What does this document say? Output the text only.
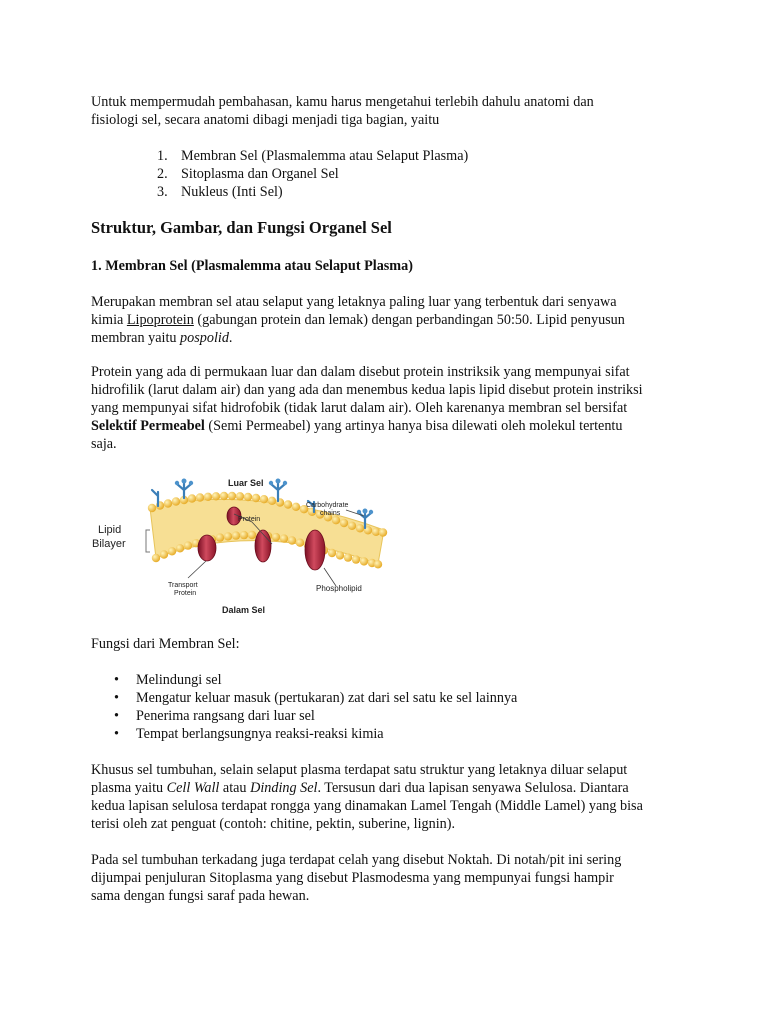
Untuk mempermudah pembahasan, kamu harus mengetahui terlebih dahulu anatomi dan

fisiologi sel, secara anatomi dibagi menjadi tiga bagian, yaitu

1. Membran Sel (Plasmalemma atau Selaput Plasma)
2. Sitoplasma dan Organel Sel
3. Nukleus (Inti Sel)
Struktur, Gambar, dan Fungsi Organel Sel
1. Membran Sel (Plasmalemma atau Selaput Plasma)

Merupakan membran sel atau selaput yang letaknya paling luar yang terbentuk dari senyawa

kimia Lipoprotein (gabungan protein dan lemak) dengan perbandingan 50:50. Lipid penyusun

membran yaitu pospolid.

Protein yang ada di permukaan luar dan dalam disebut protein instriksik yang mempunyai sifat

hidrofilik (larut dalam air) dan yang ada dan menembus kedua lapis lipid disebut protein instriksi

yang mempunyai sifat hidrofobik (tidak larut dalam air). Oleh karenanya membran sel bersifat

Selektif Permeabel (Semi Permeabel) yang artinya hanya bisa dilewati oleh molekul tertentu

saja.

Luar Sel
Protein
Carbohydrate
chains
Lipid
Bilayer
Transport
Protein
Phospholipid
Dalam Sel

Fungsi dari Membran Sel:

• Melindungi sel
• Mengatur keluar masuk (pertukaran) zat dari sel satu ke sel lainnya
• Penerima rangsang dari luar sel
• Tempat berlangsungnya reaksi-reaksi kimia

Khusus sel tumbuhan, selain selaput plasma terdapat satu struktur yang letaknya diluar selaput

plasma yaitu Cell Wall atau Dinding Sel. Tersusun dari dua lapisan senyawa Selulosa. Diantara

kedua lapisan selulosa terdapat rongga yang dinamakan Lamel Tengah (Middle Lamel) yang bisa

terisi oleh zat penguat (contoh: chitine, pektin, suberine, lignin).

Pada sel tumbuhan terkadang juga terdapat celah yang disebut Noktah. Di notah/pit ini sering

dijumpai penjuluran Sitoplasma yang disebut Plasmodesma yang mempunyai fungsi hampir

sama dengan fungsi saraf pada hewan.
